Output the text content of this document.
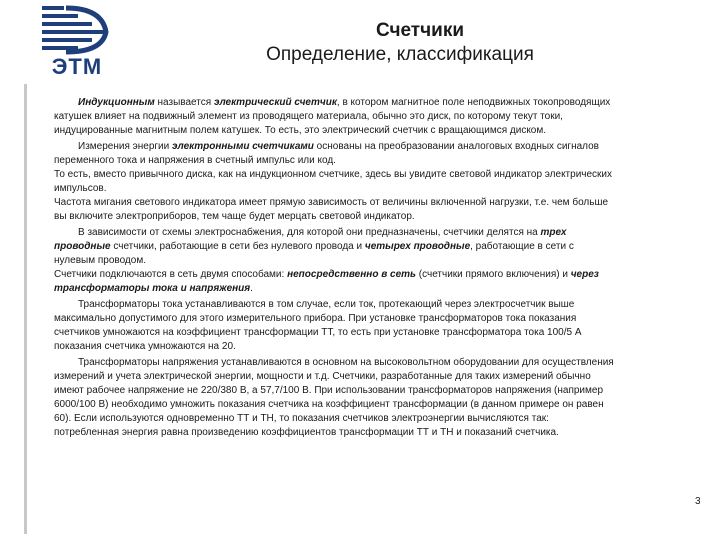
ЭТМ
Счетчики
Определение, классификация

Индукционным называется электрический счетчик, в котором магнитное поле неподвижных токопроводящих катушек влияет на подвижный элемент из проводящего материала, обычно это диск, по которому текут токи, индуцированные магнитным полем катушек. То есть, это электрический счетчик с вращающимся диском.

Измерения энергии электронными счетчиками основаны на преобразовании аналоговых входных сигналов переменного тока и напряжения в счетный импульс или код.
То есть, вместо привычного диска, как на индукционном счетчике, здесь вы увидите световой индикатор электрических импульсов.
Частота мигания светового индикатора имеет прямую зависимость от величины включенной нагрузки, т.е. чем больше вы включите электроприборов, тем чаще будет мерцать световой индикатор.

В зависимости от схемы электроснабжения, для которой они предназначены, счетчики делятся на трех проводные счетчики, работающие в сети без нулевого провода и четырех проводные, работающие в сети с нулевым проводом.
Счетчики подключаются в сеть двумя способами: непосредственно в сеть (счетчики прямого включения) и через трансформаторы тока и напряжения.

Трансформаторы тока устанавливаются в том случае, если ток, протекающий через электросчетчик выше максимально допустимого для этого измерительного прибора. При установке трансформаторов тока показания счетчиков умножаются на коэффициент трансформации ТТ, то есть при установке трансформатора тока 100/5 А показания счетчика умножаются на 20.

Трансформаторы напряжения устанавливаются в основном на высоковольтном оборудовании для осуществления измерений и учета электрической энергии, мощности и т.д. Счетчики, разработанные для таких измерений обычно имеют рабочее напряжение не 220/380 В, а 57,7/100 В. При использовании трансформаторов напряжения (например 6000/100 В) необходимо умножить показания счетчика на коэффициент трансформации (в данном примере он равен 60). Если используются одновременно ТТ и ТН, то показания счетчиков электроэнергии вычисляются так: потребленная энергия равна произведению коэффициентов трансформации ТТ и ТН и показаний счетчика.

3
